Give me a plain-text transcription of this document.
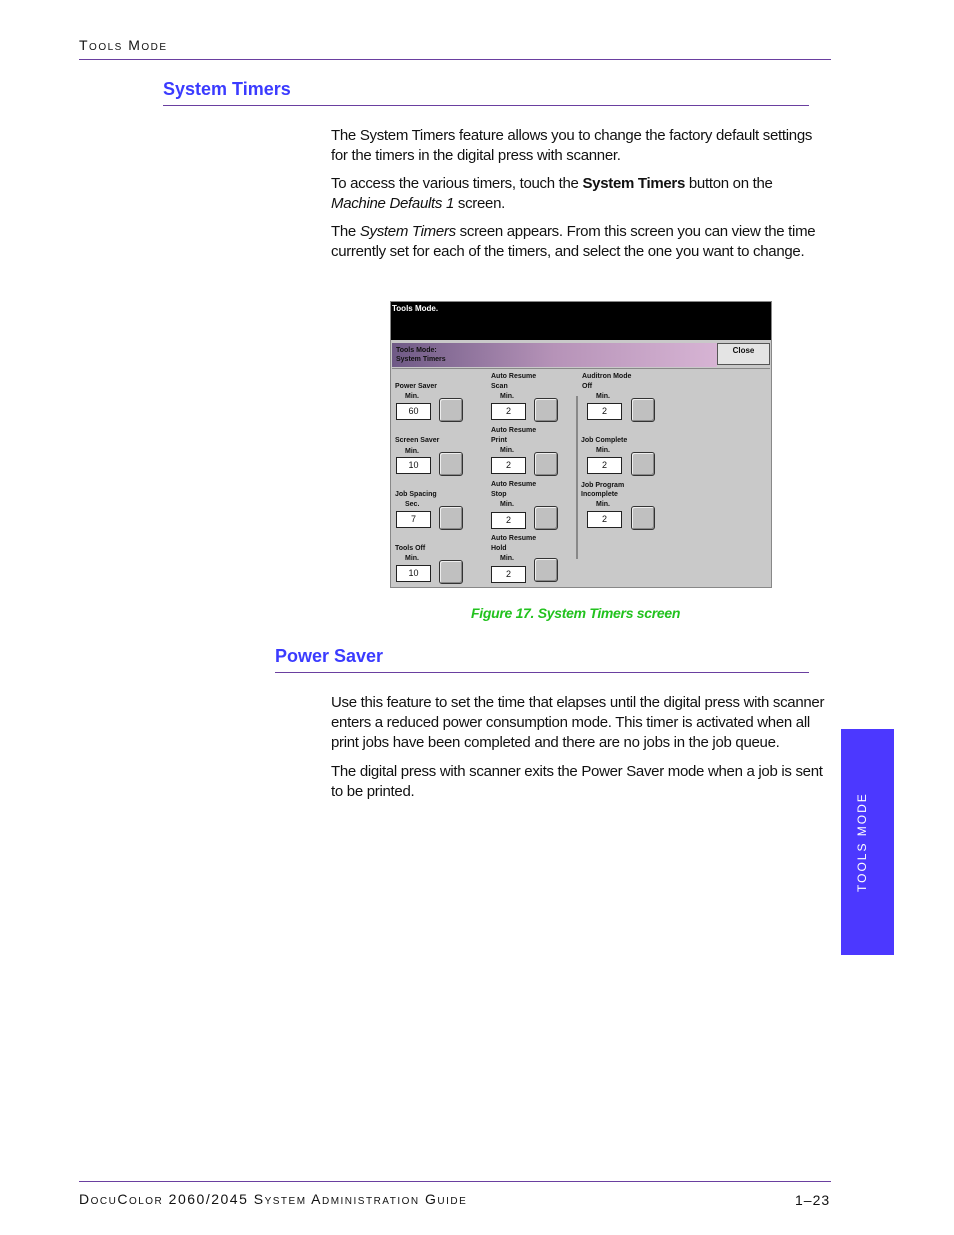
Tools Mode
System Timers
The System Timers feature allows you to change the factory default settings for the timers in the digital press with scanner.
To access the various timers, touch the System Timers button on the Machine Defaults 1 screen.
The System Timers screen appears. From this screen you can view the time currently set for each of the timers, and select the one you want to change.
Tools Mode.
Tools Mode:
System Timers
Close
Power Saver
Min.
60
Screen Saver
Min.
10
Job Spacing
Sec.
7
Tools Off
Min.
10
Auto Resume
Scan
Min.
2
Auto Resume
Print
Min.
2
Auto Resume
Stop
Min.
2
Auto Resume
Hold
Min.
2
Auditron Mode
Off
Min.
2
Job Complete
Min.
2
Job Program
Incomplete
Min.
2
Figure 17. System Timers screen
Power Saver
Use this feature to set the time that elapses until the digital press with scanner enters a reduced power consumption mode. This timer is activated when all print jobs have been completed and there are no jobs in the job queue.
The digital press with scanner exits the Power Saver mode when a job is sent to be printed.
TOOLS MODE
DocuColor 2060/2045 System Administration Guide	1–23
